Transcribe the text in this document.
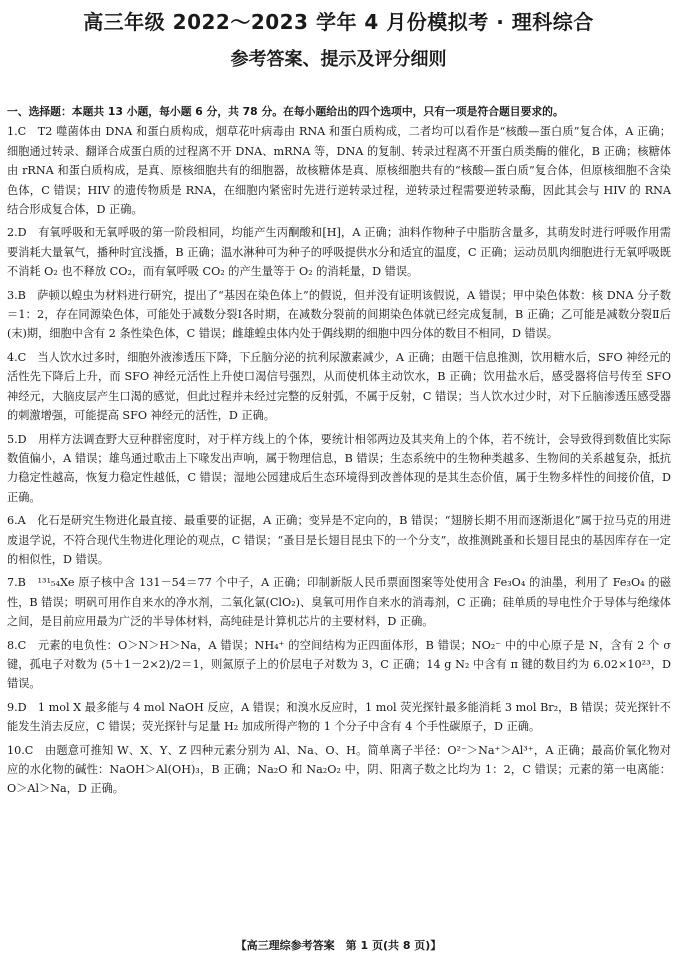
高三年级 2022～2023 学年 4 月份模拟考 · 理科综合
参考答案、提示及评分细则
一、选择题：本题共 13 小题，每小题 6 分，共 78 分。在每小题给出的四个选项中，只有一项是符合题目要求的。

1.C　T2 噬菌体由 DNA 和蛋白质构成，烟草花叶病毒由 RNA 和蛋白质构成，二者均可以看作是“核酸—蛋白质”复合体，A 正确；细胞通过转录、翻译合成蛋白质的过程离不开 DNA、mRNA 等，DNA 的复制、转录过程离不开蛋白质类酶的催化，B 正确；核糖体由 rRNA 和蛋白质构成，是真、原核细胞共有的细胞器，故核糖体是真、原核细胞共有的“核酸—蛋白质”复合体，但原核细胞不含染色体，C 错误；HIV 的遗传物质是 RNA，在细胞内紧密时先进行逆转录过程，逆转录过程需要逆转录酶，因此其会与 HIV 的 RNA 结合形成复合体，D 正确。

2.D　有氧呼吸和无氧呼吸的第一阶段相同，均能产生丙酮酸和[H]，A 正确；油料作物种子中脂肪含量多，其萌发时进行呼吸作用需要消耗大量氧气，播种时宜浅播，B 正确；温水淋种可为种子的呼吸提供水分和适宜的温度，C 正确；运动员肌肉细胞进行无氧呼吸既不消耗 O₂ 也不释放 CO₂，而有氧呼吸 CO₂ 的产生量等于 O₂ 的消耗量，D 错误。

3.B　萨顿以蝗虫为材料进行研究，提出了“基因在染色体上”的假说，但并没有证明该假说，A 错误；甲中染色体数：核 DNA 分子数＝1：2，存在同源染色体，可能处于减数分裂Ⅰ各时期，在减数分裂前的间期染色体就已经完成复制，B 正确；乙可能是减数分裂Ⅱ后(末)期，细胞中含有 2 条性染色体，C 错误；雌雄蝗虫体内处于偶线期的细胞中四分体的数目不相同，D 错误。

4.C　当人饮水过多时，细胞外液渗透压下降，下丘脑分泌的抗利尿激素减少，A 正确；由题干信息推测，饮用糖水后，SFO 神经元的活性先下降后上升，而 SFO 神经元活性上升使口渴信号强烈，从而使机体主动饮水，B 正确；饮用盐水后，感受器将信号传至 SFO 神经元，大脑皮层产生口渴的感觉，但此过程并未经过完整的反射弧，不属于反射，C 错误；当人饮水过少时，对下丘脑渗透压感受器的刺激增强，可能提高 SFO 神经元的活性，D 正确。

5.D　用样方法调查野大豆种群密度时，对于样方线上的个体，要统计相邻两边及其夹角上的个体，若不统计，会导致得到数值比实际数值偏小，A 错误；雄鸟通过歌击上下喙发出声响，属于物理信息，B 错误；生态系统中的生物种类越多、生物间的关系越复杂，抵抗力稳定性越高，恢复力稳定性越低，C 错误；湿地公园建成后生态环境得到改善体现的是其生态价值，属于生物多样性的间接价值，D 正确。

6.A　化石是研究生物进化最直接、最重要的证据，A 正确；变异是不定向的，B 错误；“翅膀长期不用而逐渐退化”属于拉马克的用进废退学说，不符合现代生物进化理论的观点，C 错误；“蚤目是长翅目昆虫下的一个分支”，故推测跳蚤和长翅目昆虫的基因库存在一定的相似性，D 错误。

7.B　¹³¹₅₄Xe 原子核中含 131－54＝77 个中子，A 正确；印制新版人民币票面图案等处使用含 Fe₃O₄ 的油墨，利用了 Fe₃O₄ 的磁性，B 错误；明矾可用作自来水的净水剂，二氧化氯(ClO₂)、臭氧可用作自来水的消毒剂，C 正确；硅单质的导电性介于导体与绝缘体之间，是目前应用最为广泛的半导体材料，高纯硅是计算机芯片的主要材料，D 正确。

8.C　元素的电负性：O＞N＞H＞Na，A 错误；NH₄⁺ 的空间结构为正四面体形，B 错误；NO₂⁻ 中的中心原子是 N，含有 2 个 σ 键，孤电子对数为 (5＋1－2×2)/2＝1，则氮原子上的价层电子对数为 3，C 正确；14 g N₂ 中含有 π 键的数目约为 6.02×10²³，D 错误。

9.D　1 mol X 最多能与 4 mol NaOH 反应，A 错误；和溴水反应时，1 mol 荧光探针最多能消耗 3 mol Br₂，B 错误；荧光探针不能发生消去反应，C 错误；荧光探针与足量 H₂ 加成所得产物的 1 个分子中含有 4 个手性碳原子，D 正确。

10.C　由题意可推知 W、X、Y、Z 四种元素分别为 Al、Na、O、H。简单离子半径：O²⁻＞Na⁺＞Al³⁺，A 正确；最高价氧化物对应的水化物的碱性：NaOH＞Al(OH)₃，B 正确；Na₂O 和 Na₂O₂ 中，阴、阳离子数之比均为 1：2，C 错误；元素的第一电离能：O＞Al＞Na，D 正确。

【高三理综参考答案　第 1 页(共 8 页)】
